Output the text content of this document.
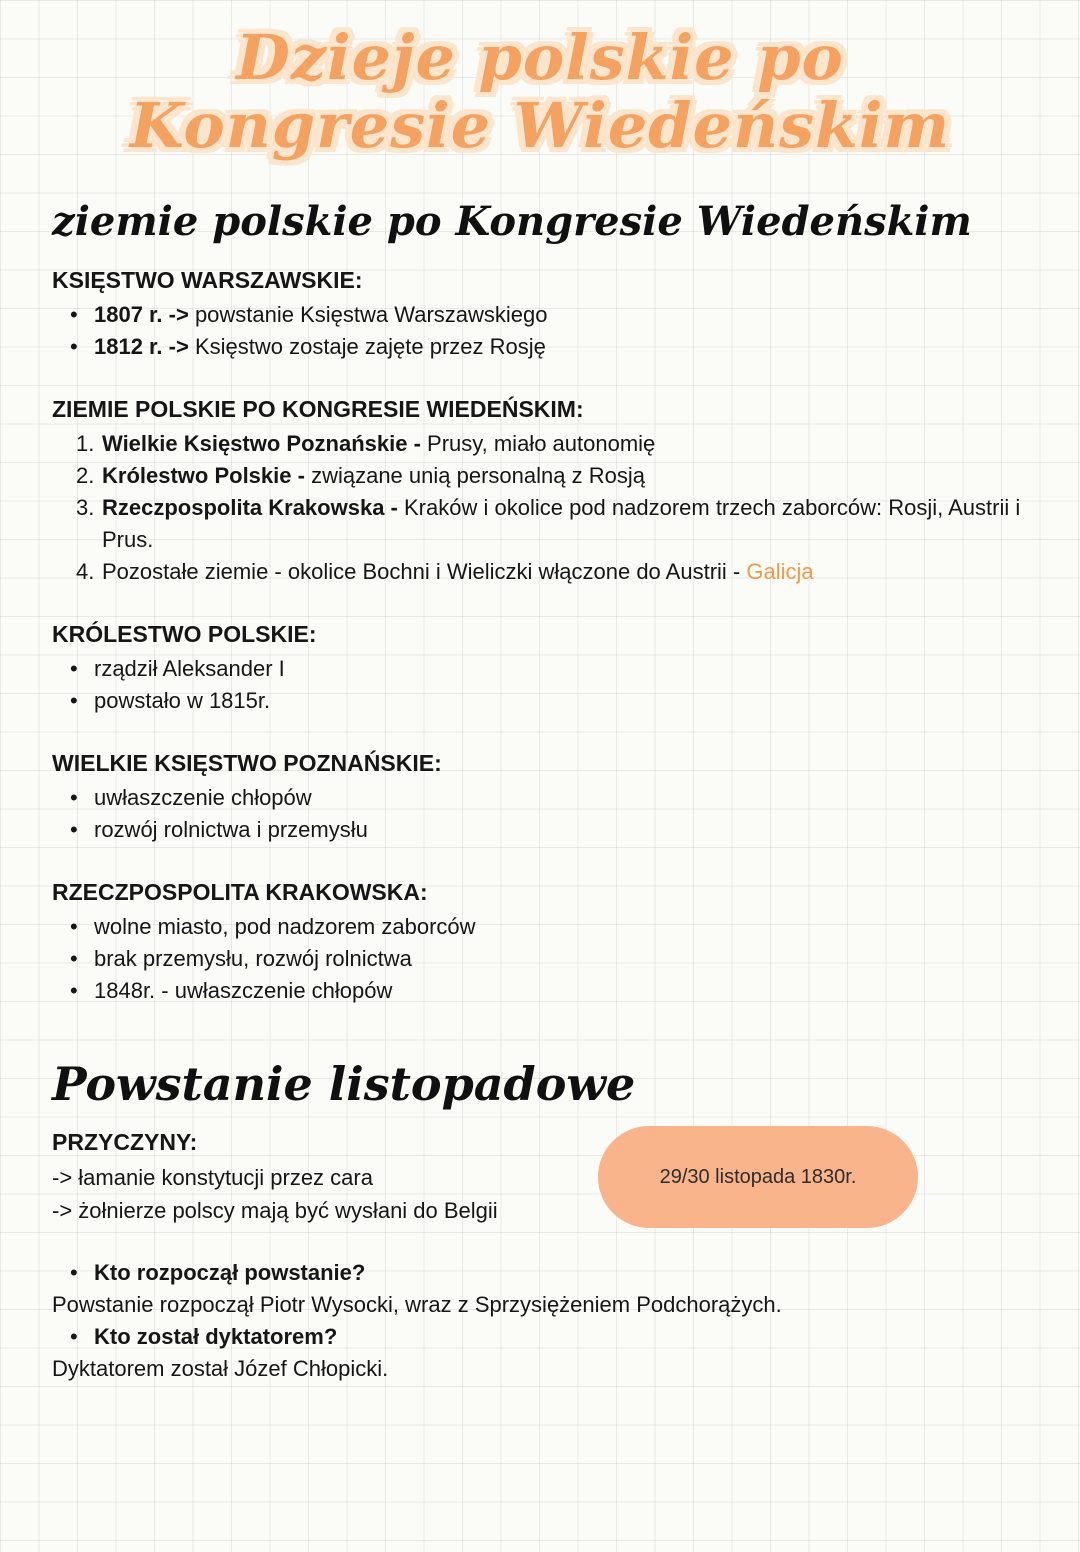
Dzieje polskie po Kongresie Wiedeńskim
ziemie polskie po Kongresie Wiedeńskim
KSIĘSTWO WARSZAWSKIE:
• 1807 r. -> powstanie Księstwa Warszawskiego
• 1812 r. -> Księstwo zostaje zajęte przez Rosję
ZIEMIE POLSKIE PO KONGRESIE WIEDEŃSKIM:
1. Wielkie Księstwo Poznańskie - Prusy, miało autonomię
2. Królestwo Polskie - związane unią personalną z Rosją
3. Rzeczpospolita Krakowska - Kraków i okolice pod nadzorem trzech zaborców: Rosji, Austrii i Prus.
4. Pozostałe ziemie - okolice Bochni i Wieliczki włączone do Austrii - Galicja
KRÓLESTWO POLSKIE:
• rządził Aleksander I
• powstało w 1815r.
WIELKIE KSIĘSTWO POZNAŃSKIE:
• uwłaszczenie chłopów
• rozwój rolnictwa i przemysłu
RZECZPOSPOLITA KRAKOWSKA:
• wolne miasto, pod nadzorem zaborców
• brak przemysłu, rozwój rolnictwa
• 1848r. - uwłaszczenie chłopów
Powstanie listopadowe
PRZYCZYNY:
-> łamanie konstytucji przez cara
-> żołnierze polscy mają być wysłani do Belgii
• Kto rozpoczął powstanie?
Powstanie rozpoczął Piotr Wysocki, wraz z Sprzysiężeniem Podchorążych.
• Kto został dyktatorem?
Dyktatorem został Józef Chłopicki.
29/30 listopada 1830r.
